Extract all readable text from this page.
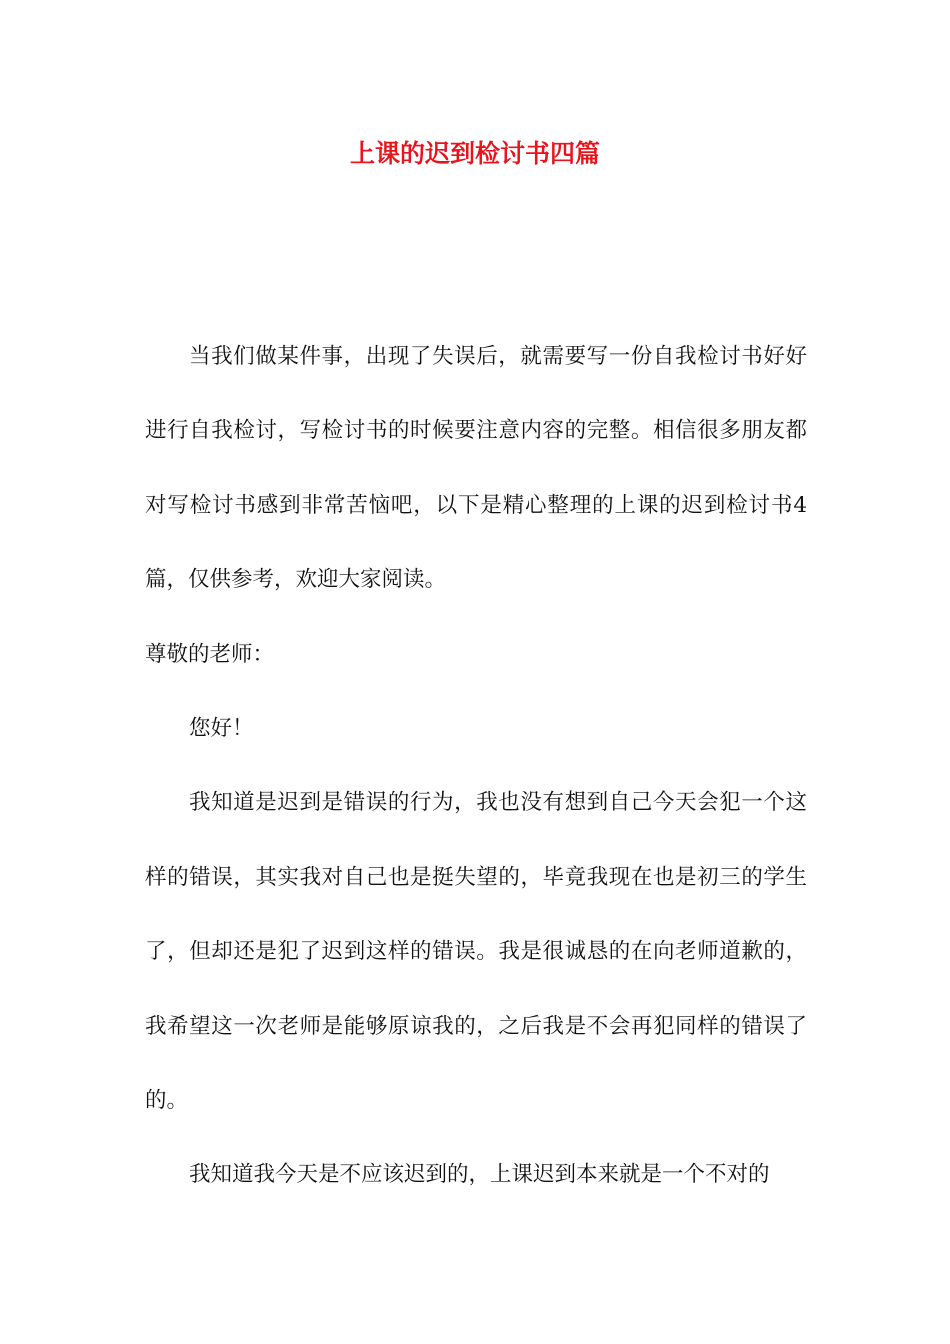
上课的迟到检讨书四篇

当我们做某件事，出现了失误后，就需要写一份自我检讨书好好进行自我检讨，写检讨书的时候要注意内容的完整。相信很多朋友都对写检讨书感到非常苦恼吧，以下是精心整理的上课的迟到检讨书4篇，仅供参考，欢迎大家阅读。

尊敬的老师：

您好！

我知道是迟到是错误的行为，我也没有想到自己今天会犯一个这样的错误，其实我对自己也是挺失望的，毕竟我现在也是初三的学生了，但却还是犯了迟到这样的错误。我是很诚恳的在向老师道歉的，我希望这一次老师是能够原谅我的，之后我是不会再犯同样的错误了的。

我知道我今天是不应该迟到的，上课迟到本来就是一个不对的
